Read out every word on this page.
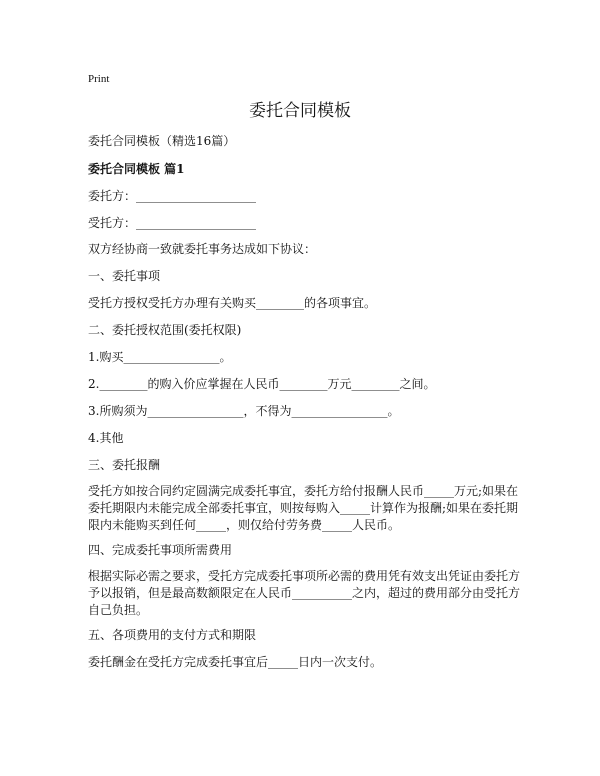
Print
委托合同模板
委托合同模板（精选16篇）
委托合同模板 篇1
委托方：____________________
受托方：____________________
双方经协商一致就委托事务达成如下协议：
一、委托事项
受托方授权受托方办理有关购买________的各项事宜。
二、委托授权范围(委托权限)
1.购买________________。
2.________的购入价应掌握在人民币________万元________之间。
3.所购须为________________，不得为________________。
4.其他
三、委托报酬
受托方如按合同约定圆满完成委托事宜，委托方给付报酬人民币_____万元;如果在委托期限内未能完成全部委托事宜，则按每购入_____计算作为报酬;如果在委托期限内未能购买到任何_____，则仅给付劳务费_____人民币。
四、完成委托事项所需费用
根据实际必需之要求，受托方完成委托事项所必需的费用凭有效支出凭证由委托方予以报销，但是最高数额限定在人民币__________之内，超过的费用部分由受托方自己负担。
五、各项费用的支付方式和期限
委托酬金在受托方完成委托事宜后_____日内一次支付。
